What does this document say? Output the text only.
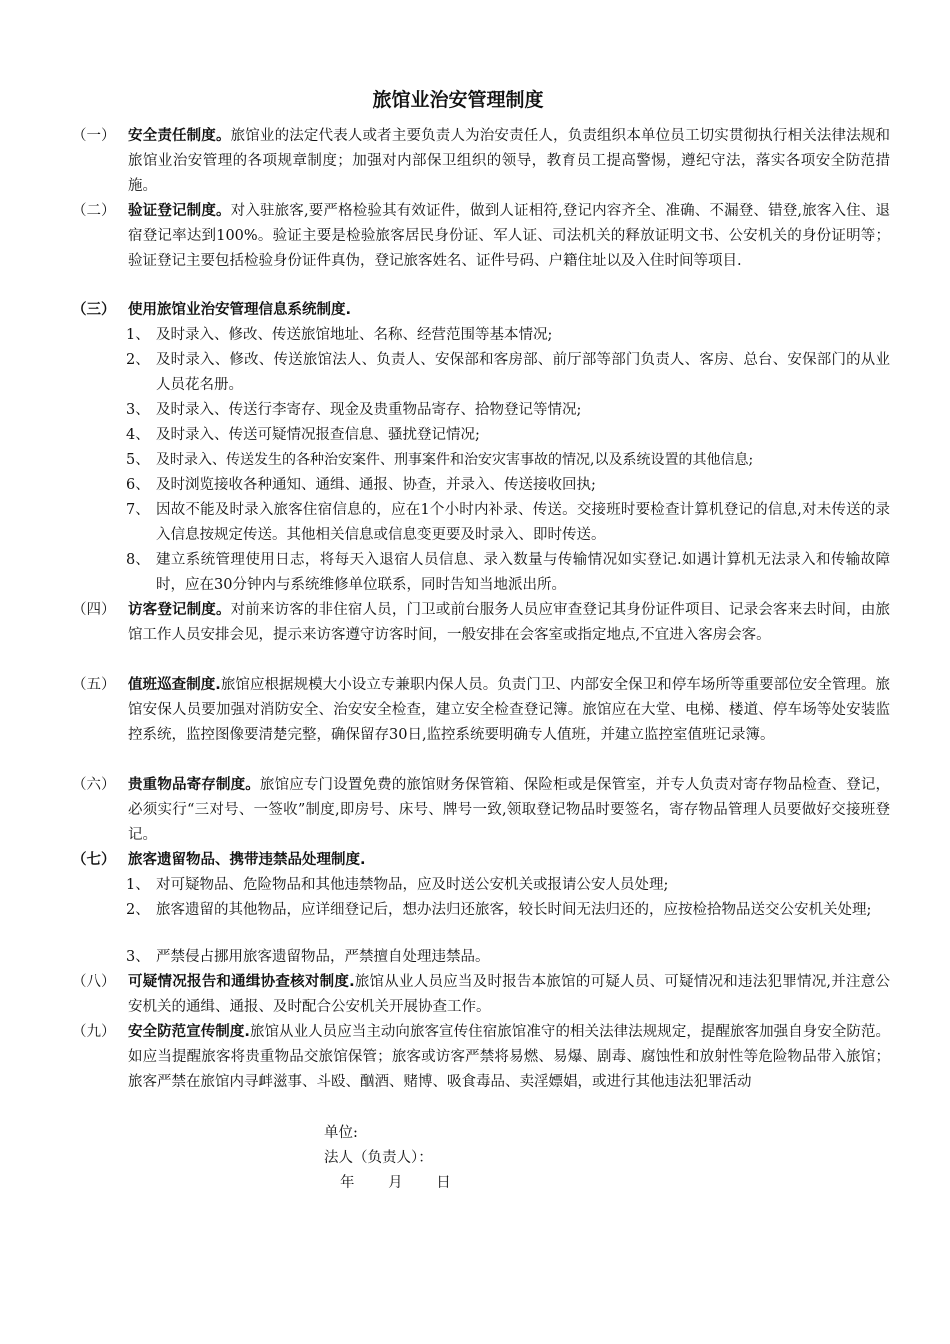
旅馆业治安管理制度
（一） 安全责任制度。旅馆业的法定代表人或者主要负责人为治安责任人，负责组织本单位员工切实贯彻执行相关法律法规和旅馆业治安管理的各项规章制度；加强对内部保卫组织的领导，教育员工提高警惕，遵纪守法，落实各项安全防范措施。
（二） 验证登记制度。对入驻旅客,要严格检验其有效证件，做到人证相符,登记内容齐全、准确、不漏登、错登,旅客入住、退宿登记率达到100%。验证主要是检验旅客居民身份证、军人证、司法机关的释放证明文书、公安机关的身份证明等；验证登记主要包括检验身份证件真伪，登记旅客姓名、证件号码、户籍住址以及入住时间等项目.
（三） 使用旅馆业治安管理信息系统制度.
1、 及时录入、修改、传送旅馆地址、名称、经营范围等基本情况;
2、 及时录入、修改、传送旅馆法人、负责人、安保部和客房部、前厅部等部门负责人、客房、总台、安保部门的从业人员花名册。
3、 及时录入、传送行李寄存、现金及贵重物品寄存、拾物登记等情况;
4、 及时录入、传送可疑情况报查信息、骚扰登记情况;
5、 及时录入、传送发生的各种治安案件、刑事案件和治安灾害事故的情况,以及系统设置的其他信息;
6、 及时浏览接收各种通知、通缉、通报、协查，并录入、传送接收回执;
7、 因故不能及时录入旅客住宿信息的，应在1个小时内补录、传送。交接班时要检查计算机登记的信息,对未传送的录入信息按规定传送。其他相关信息或信息变更要及时录入、即时传送。
8、 建立系统管理使用日志，将每天入退宿人员信息、录入数量与传输情况如实登记.如遇计算机无法录入和传输故障时，应在30分钟内与系统维修单位联系，同时告知当地派出所。
（四） 访客登记制度。对前来访客的非住宿人员，门卫或前台服务人员应审查登记其身份证件项目、记录会客来去时间，由旅馆工作人员安排会见，提示来访客遵守访客时间，一般安排在会客室或指定地点,不宜进入客房会客。
（五） 值班巡查制度.旅馆应根据规模大小设立专兼职内保人员。负责门卫、内部安全保卫和停车场所等重要部位安全管理。旅馆安保人员要加强对消防安全、治安安全检查，建立安全检查登记簿。旅馆应在大堂、电梯、楼道、停车场等处安装监控系统，监控图像要清楚完整，确保留存30日,监控系统要明确专人值班，并建立监控室值班记录簿。
（六） 贵重物品寄存制度。旅馆应专门设置免费的旅馆财务保管箱、保险柜或是保管室，并专人负责对寄存物品检查、登记，必须实行“三对号、一签收”制度,即房号、床号、牌号一致,领取登记物品时要签名，寄存物品管理人员要做好交接班登记。
（七） 旅客遗留物品、携带违禁品处理制度.
1、 对可疑物品、危险物品和其他违禁物品，应及时送公安机关或报请公安人员处理;
2、 旅客遗留的其他物品，应详细登记后，想办法归还旅客，较长时间无法归还的，应按检拾物品送交公安机关处理;
3、 严禁侵占挪用旅客遗留物品，严禁擅自处理违禁品。
（八） 可疑情况报告和通缉协查核对制度.旅馆从业人员应当及时报告本旅馆的可疑人员、可疑情况和违法犯罪情况,并注意公安机关的通缉、通报、及时配合公安机关开展协查工作。
（九） 安全防范宣传制度.旅馆从业人员应当主动向旅客宣传住宿旅馆准守的相关法律法规规定，提醒旅客加强自身安全防范。如应当提醒旅客将贵重物品交旅馆保管；旅客或访客严禁将易燃、易爆、剧毒、腐蚀性和放射性等危险物品带入旅馆；旅客严禁在旅馆内寻衅滋事、斗殴、酗酒、赌博、吸食毒品、卖淫嫖娼，或进行其他违法犯罪活动
单位:
法人（负责人）：
年　　 月　　 日
